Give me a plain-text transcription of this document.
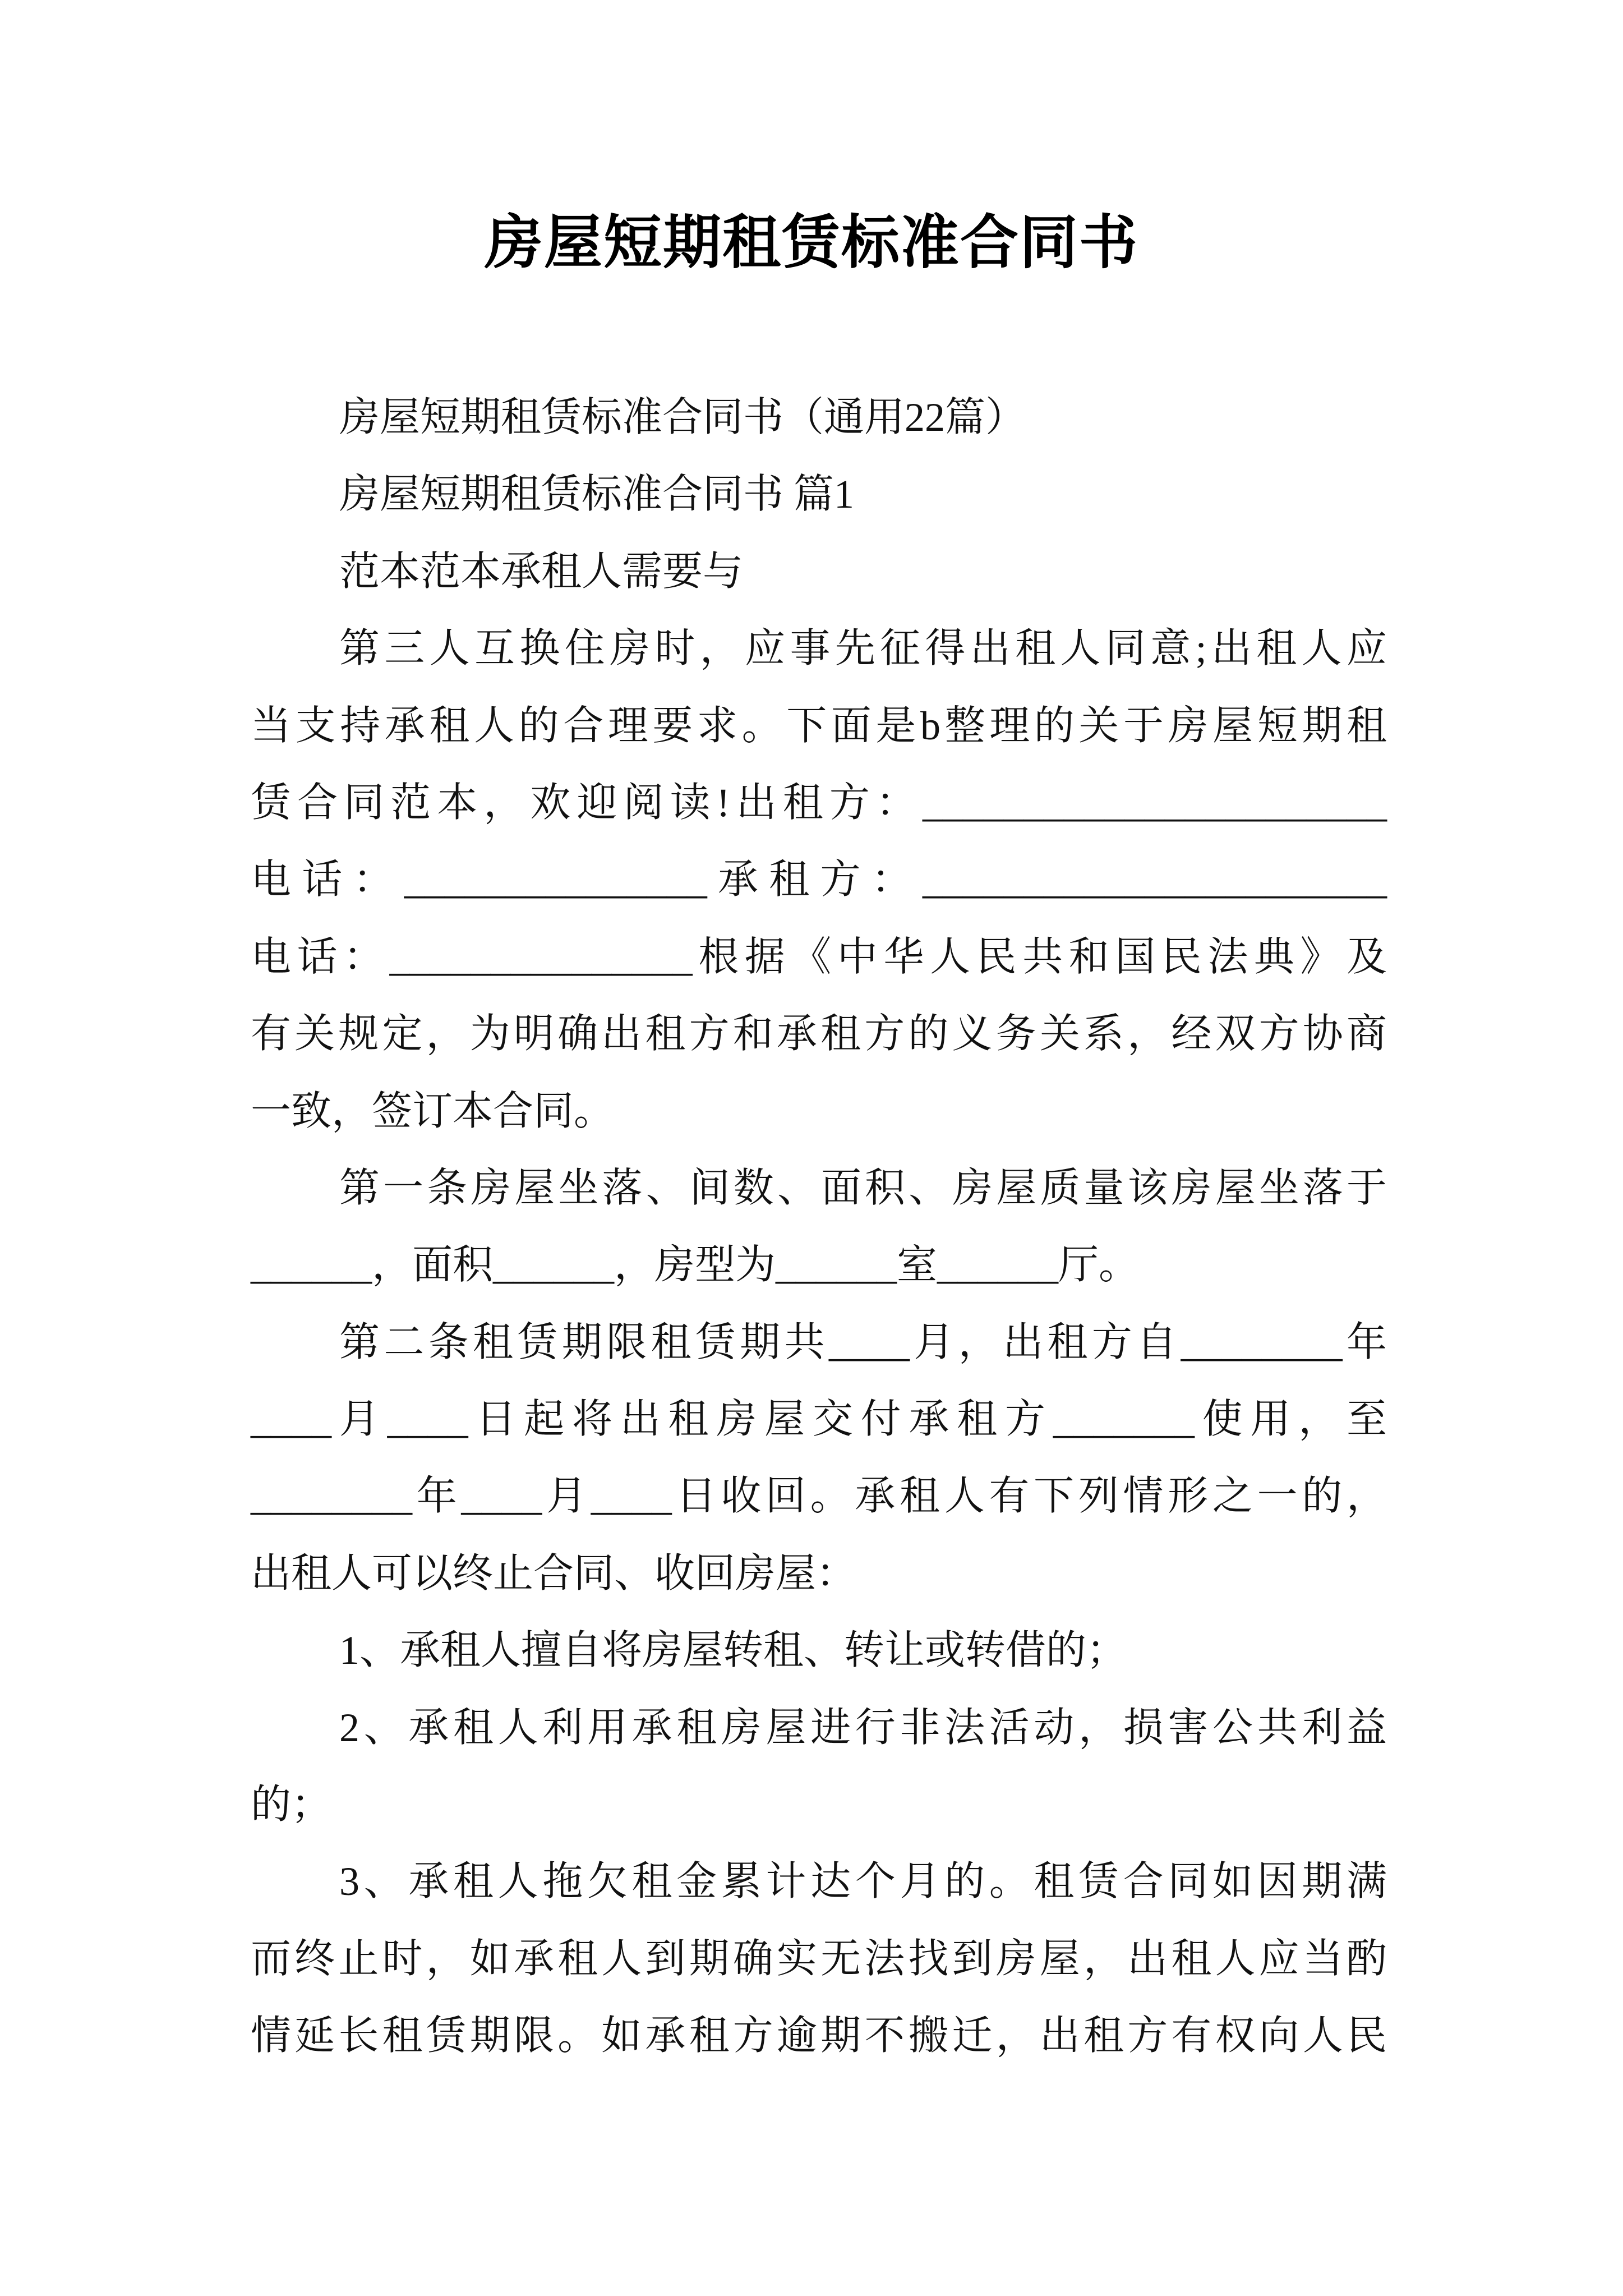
房屋短期租赁标准合同书
房屋短期租赁标准合同书（通用22篇）
房屋短期租赁标准合同书 篇1
范本范本承租人需要与
第三人互换住房时，应事先征得出租人同意;出租人应
当支持承租人的合理要求。下面是b整理的关于房屋短期租
赁合同范本，欢迎阅读!出租方：_______________________
电话：_______________承租方：_______________________
电话：_______________根据《中华人民共和国民法典》及
有关规定，为明确出租方和承租方的义务关系，经双方协商
一致，签订本合同。
第一条房屋坐落、间数、面积、房屋质量该房屋坐落于
______，面积______，房型为______室______厅。
第二条租赁期限租赁期共____月，出租方自________年
____月____日起将出租房屋交付承租方_______使用，至
________年____月____日收回。承租人有下列情形之一的，
出租人可以终止合同、收回房屋：
1、承租人擅自将房屋转租、转让或转借的；
2、承租人利用承租房屋进行非法活动，损害公共利益
的；
3、承租人拖欠租金累计达个月的。租赁合同如因期满
而终止时，如承租人到期确实无法找到房屋，出租人应当酌
情延长租赁期限。如承租方逾期不搬迁，出租方有权向人民
